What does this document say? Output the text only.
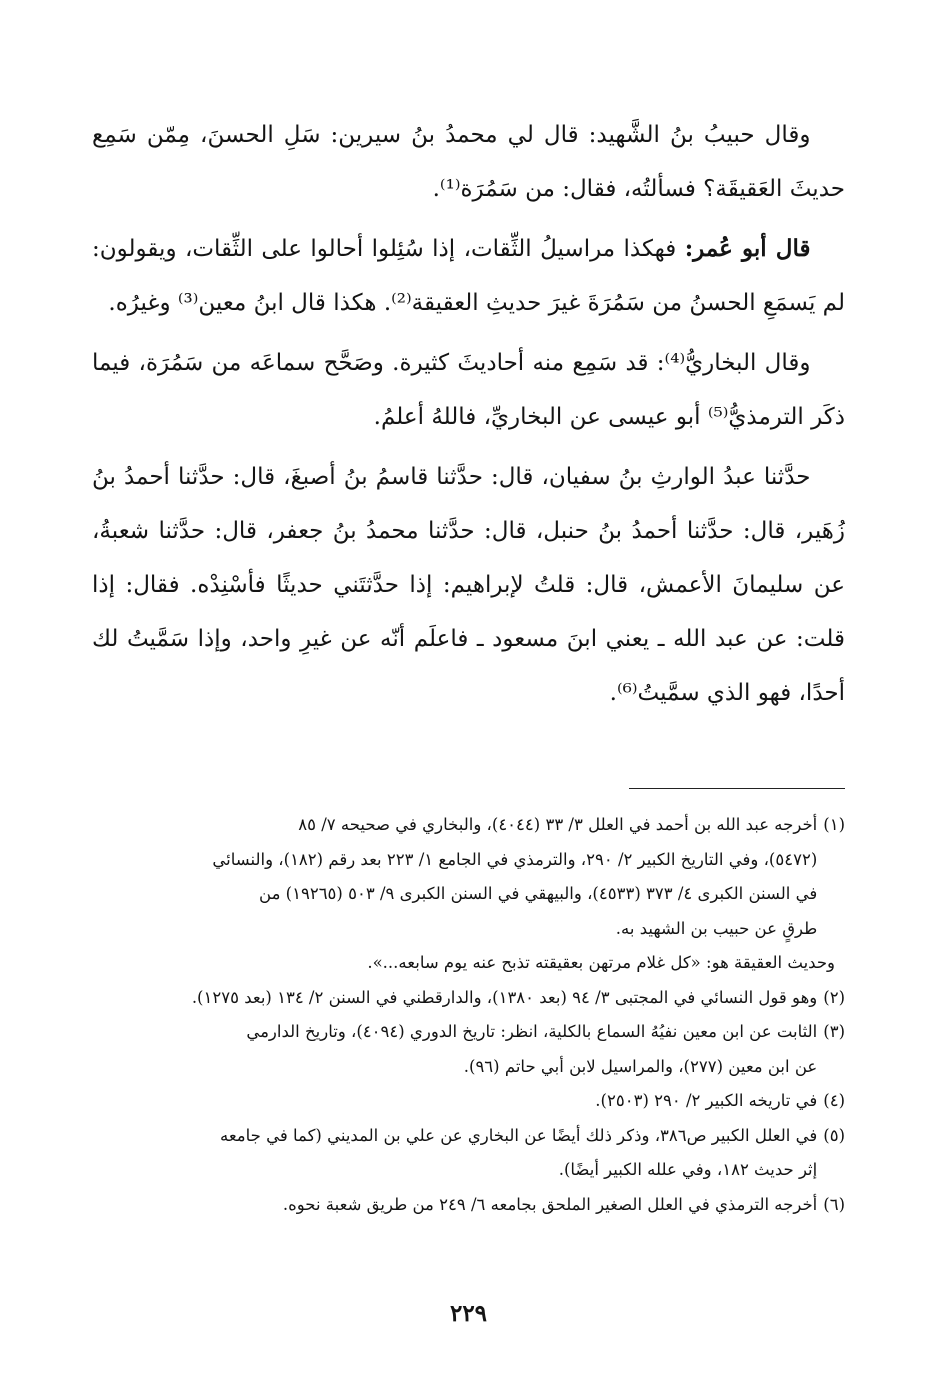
وقال حبيبُ بنُ الشَّهيد: قال لي محمدُ بنُ سيرين: سَلِ الحسنَ، مِمّن سَمِع حديثَ العَقيقَة؟ فسألتُه، فقال: من سَمُرَة⁽¹⁾.

قال أبو عُمر: فهكذا مراسيلُ الثِّقات، إذا سُئِلوا أحالوا على الثِّقات، ويقولون: لم يَسمَعِ الحسنُ من سَمُرَةَ غيرَ حديثِ العقيقة⁽²⁾. هكذا قال ابنُ معين⁽³⁾ وغيرُه.

وقال البخاريُّ⁽⁴⁾: قد سَمِع منه أحاديثَ كثيرة. وصَحَّح سماعَه من سَمُرَة، فيما ذكَر الترمذيُّ⁽⁵⁾ أبو عيسى عن البخاريِّ، فاللهُ أعلمُ.

حدَّثنا عبدُ الوارثِ بنُ سفيان، قال: حدَّثنا قاسمُ بنُ أصبغَ، قال: حدَّثنا أحمدُ بنُ زُهَير، قال: حدَّثنا أحمدُ بنُ حنبل، قال: حدَّثنا محمدُ بنُ جعفر، قال: حدَّثنا شعبةُ، عن سليمانَ الأعمش، قال: قلتُ لإبراهيم: إذا حدَّثتَني حديثًا فأسْنِدْه. فقال: إذا قلت: عن عبد الله ـ يعني ابنَ مسعود ـ فاعلَم أنّه عن غيرِ واحد، وإذا سَمَّيتُ لك أحدًا، فهو الذي سمَّيتُ⁽⁶⁾.

(١)
أخرجه عبد الله بن أحمد في العلل ٣/ ٣٣ (٤٠٤٤)، والبخاري في صحيحه ٧/ ٨٥
(٥٤٧٢)، وفي التاريخ الكبير ٢/ ٢٩٠، والترمذي في الجامع ١/ ٢٢٣ بعد رقم (١٨٢)، والنسائي
في السنن الكبرى ٤/ ٣٧٣ (٤٥٣٣)، والبيهقي في السنن الكبرى ٩/ ٥٠٣ (١٩٢٦٥) من
طرقٍ عن حبيب بن الشهيد به.
وحديث العقيقة هو: «كل غلام مرتهن بعقيقته تذبح عنه يوم سابعه...».
(٢)
وهو قول النسائي في المجتبى ٣/ ٩٤ (بعد ١٣٨٠)، والدارقطني في السنن ٢/ ١٣٤ (بعد ١٢٧٥).
(٣)
الثابت عن ابن معين نفيُهُ السماع بالكلية، انظر: تاريخ الدوري (٤٠٩٤)، وتاريخ الدارمي
عن ابن معين (٢٧٧)، والمراسيل لابن أبي حاتم (٩٦).
(٤)
في تاريخه الكبير ٢/ ٢٩٠ (٢٥٠٣).
(٥)
في العلل الكبير ص٣٨٦، وذكر ذلك أيضًا عن البخاري عن علي بن المديني (كما في جامعه
إثر حديث ١٨٢، وفي علله الكبير أيضًا).
(٦)
أخرجه الترمذي في العلل الصغير الملحق بجامعه ٦/ ٢٤٩ من طريق شعبة نحوه.
٢٢٩
